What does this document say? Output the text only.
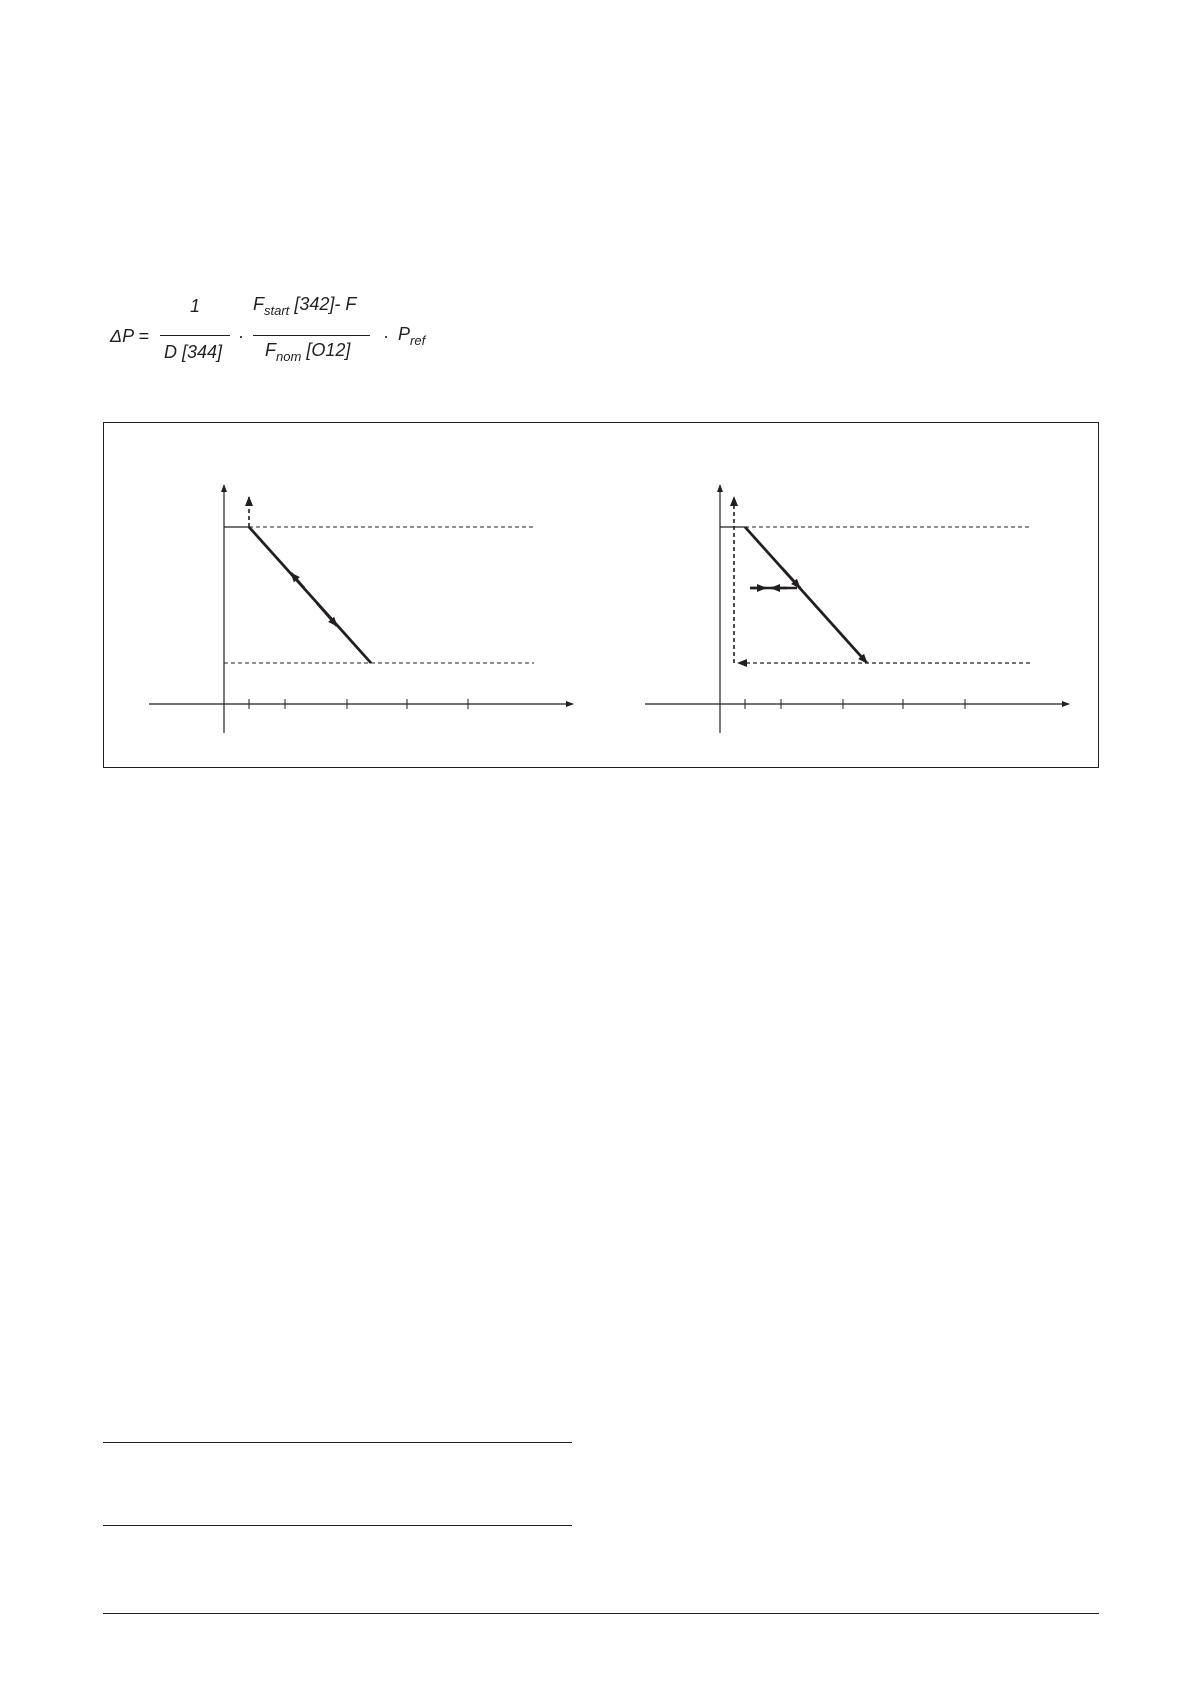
ΔP =
1
D [344]
·
$F_{start}$ [342]- F
$F_{nom}$ [O12]
· $P_{ref}$
